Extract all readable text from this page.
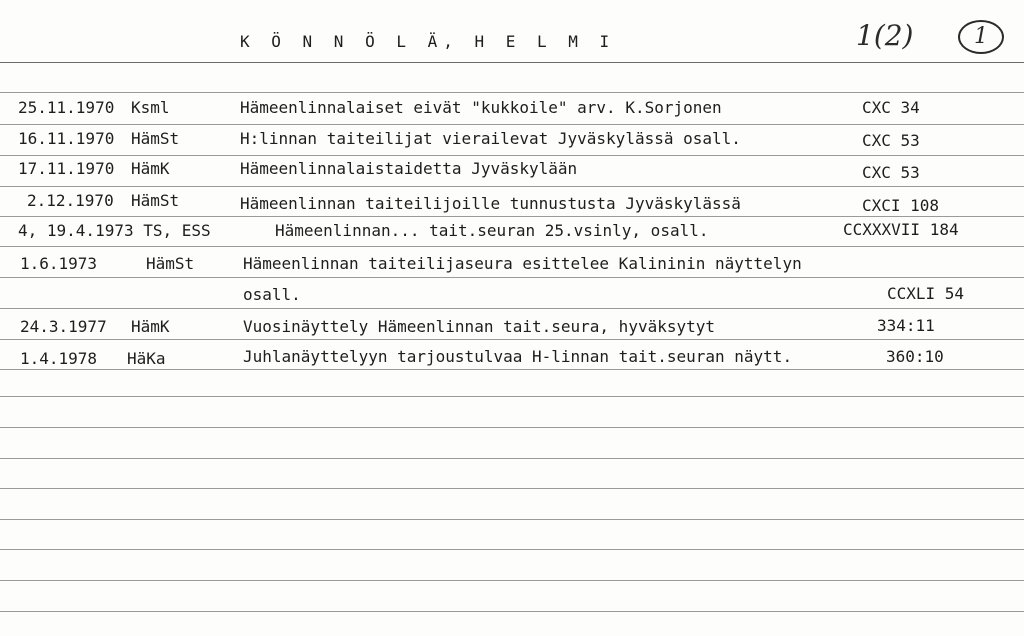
K Ö N N Ö L Ä, H E L M I	1(2)	1
25.11.1970 Ksml	Hämeenlinnalaiset eivät "kukkoile" arv. K.Sorjonen	CXC 34
16.11.1970 HämSt	H:linnan taiteilijat vierailevat Jyväskylässä osall.	CXC 53
17.11.1970 HämK	Hämeenlinnalaistaidetta Jyväskylään	CXC 53
2.12.1970 HämSt	Hämeenlinnan taiteilijoille tunnustusta Jyväskylässä	CXCI 108
4, 19.4.1973 TS, ESS	Hämeenlinnan... tait.seuran 25.vsinly, osall.	CCXXXVII 184
1.6.1973	HämSt	Hämeenlinnan taiteilijaseura esittelee Kalininin näyttelyn
osall.	CCXLI 54
24.3.1977 HämK	Vuosinäyttely Hämeenlinnan tait.seura, hyväksytyt	334:11
1.4.1978 HäKa	Juhlanäyttelyyn tarjoustulvaa H-linnan tait.seuran näytt.	360:10
